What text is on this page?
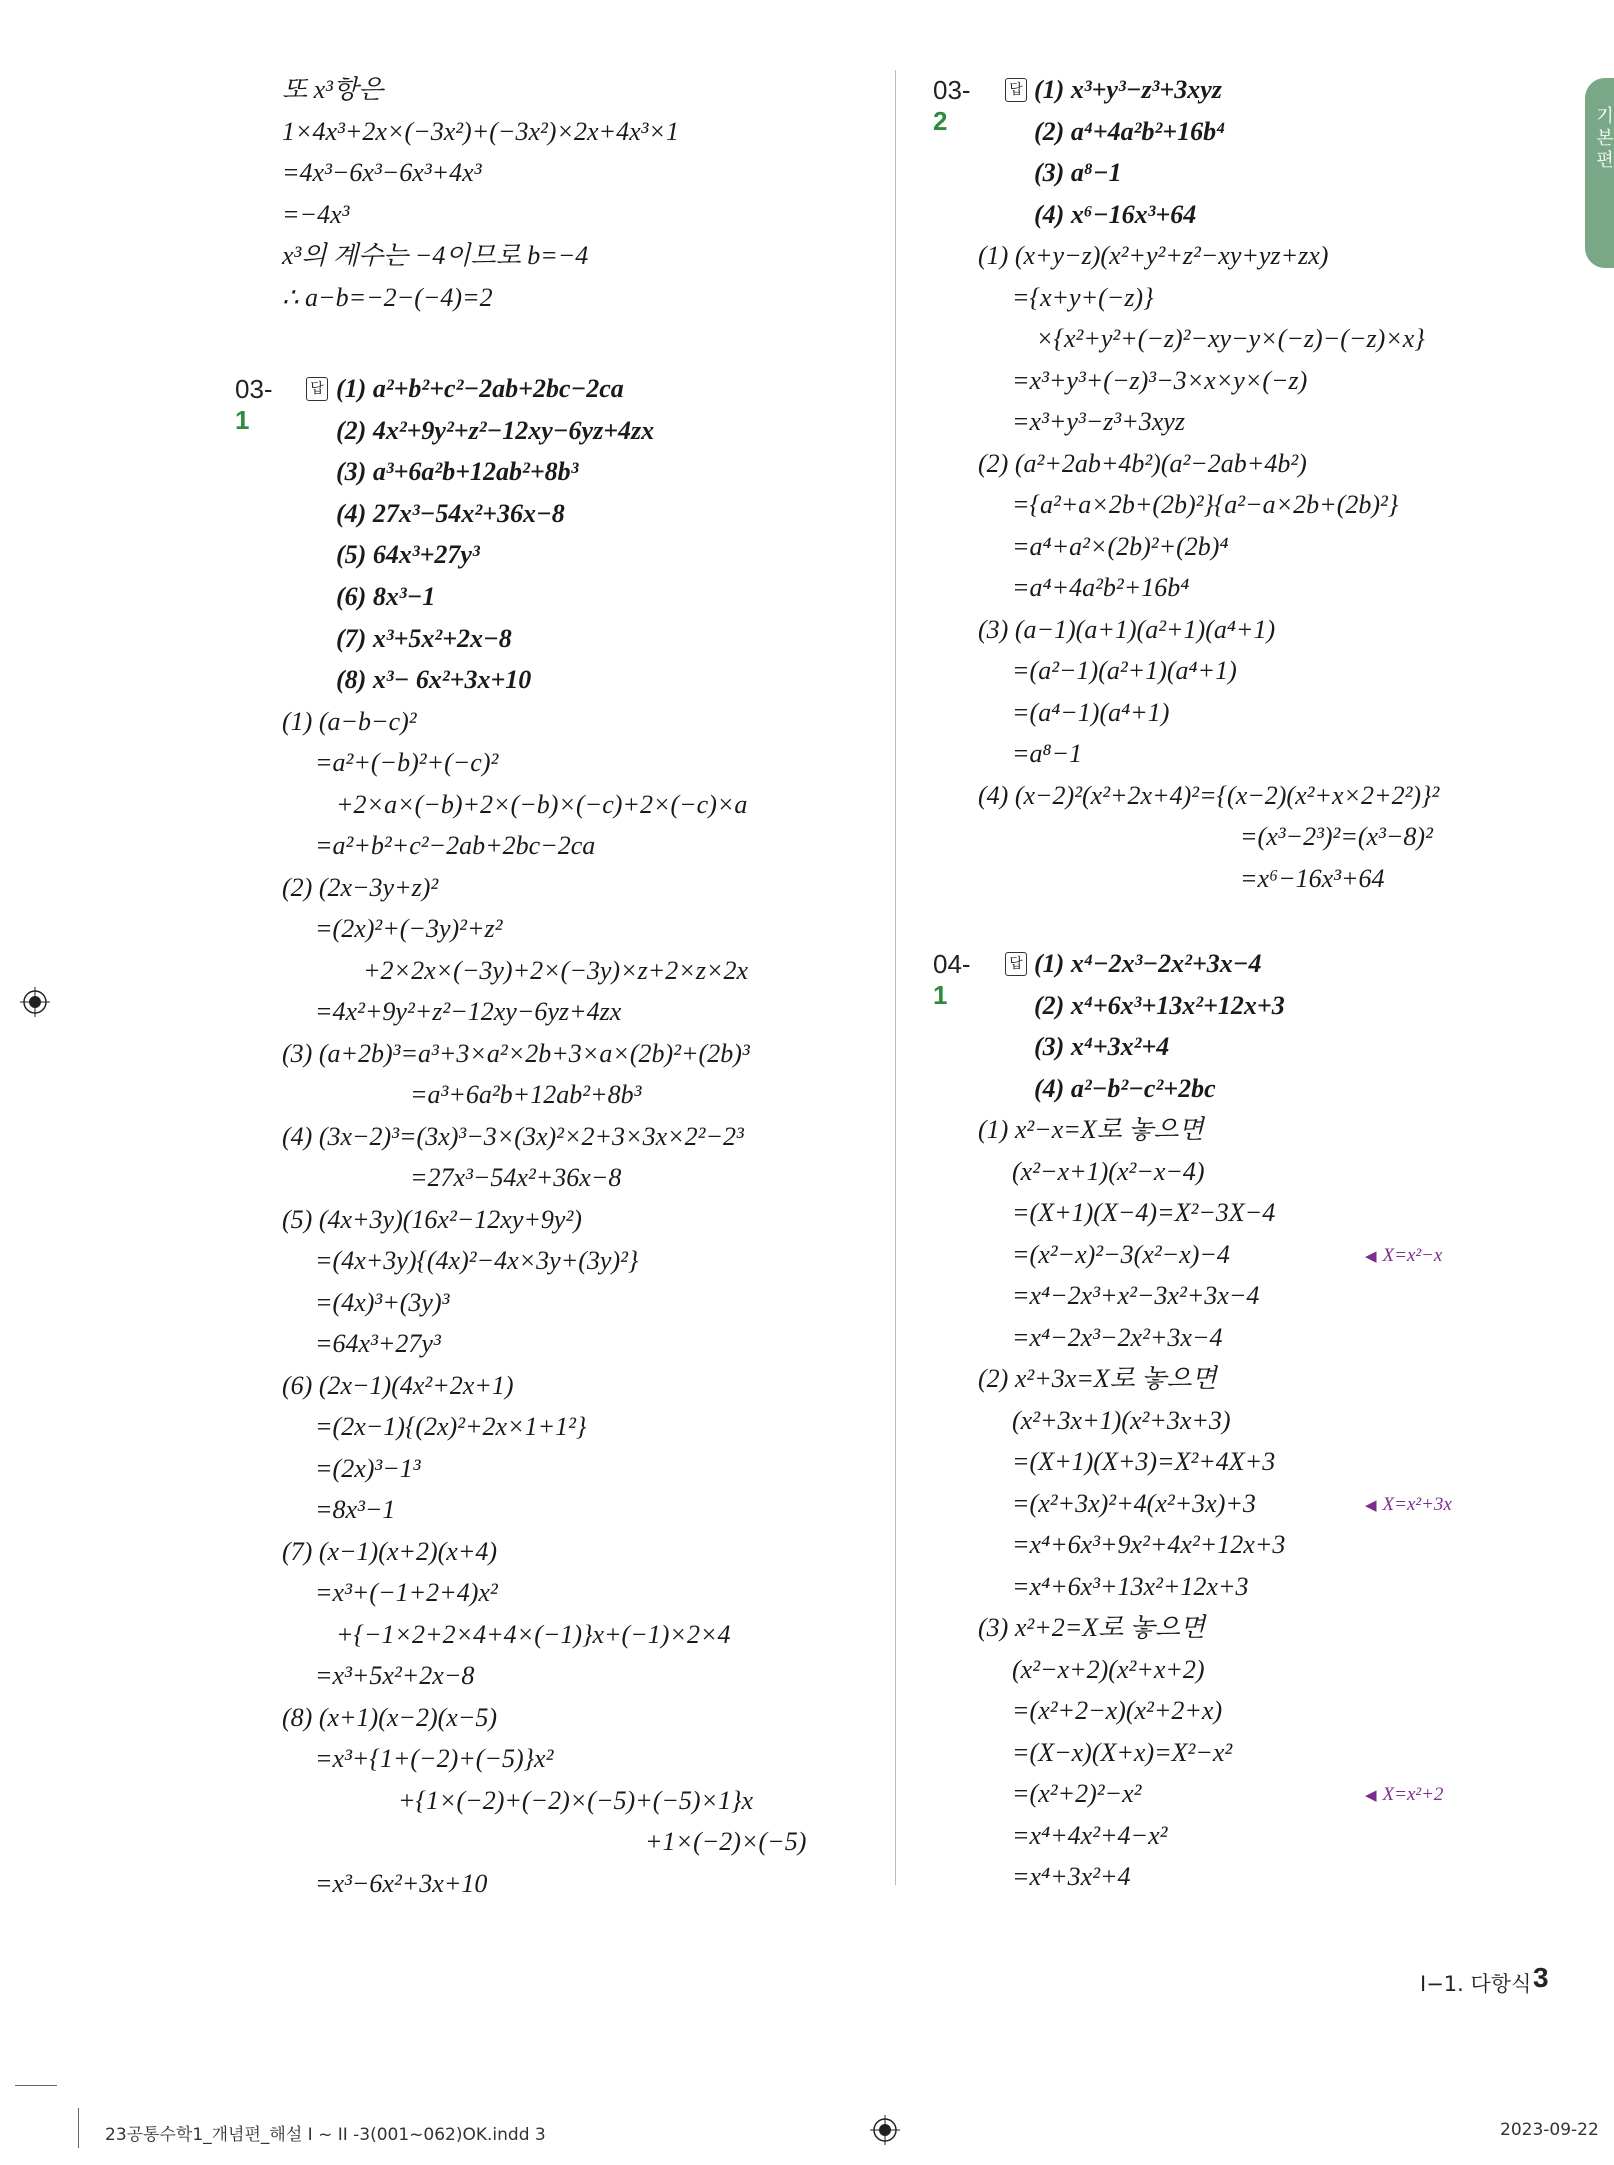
또 x³항은
1×4x³+2x×(−3x²)+(−3x²)×2x+4x³×1
=4x³−6x³−6x³+4x³
=−4x³
x³의 계수는 −4이므로 b=−4
∴ a−b=−2−(−4)=2
03-1
답 (1) a²+b²+c²−2ab+2bc−2ca
(2) 4x²+9y²+z²−12xy−6yz+4zx
(3) a³+6a²b+12ab²+8b³
(4) 27x³−54x²+36x−8
(5) 64x³+27y³
(6) 8x³−1
(7) x³+5x²+2x−8
(8) x³− 6x²+3x+10
(1) (a−b−c)²
=a²+(−b)²+(−c)²
+2×a×(−b)+2×(−b)×(−c)+2×(−c)×a
=a²+b²+c²−2ab+2bc−2ca
(2) (2x−3y+z)²
=(2x)²+(−3y)²+z²
+2×2x×(−3y)+2×(−3y)×z+2×z×2x
=4x²+9y²+z²−12xy−6yz+4zx
(3) (a+2b)³=a³+3×a²×2b+3×a×(2b)²+(2b)³
=a³+6a²b+12ab²+8b³
(4) (3x−2)³=(3x)³−3×(3x)²×2+3×3x×2²−2³
=27x³−54x²+36x−8
(5) (4x+3y)(16x²−12xy+9y²)
=(4x+3y){(4x)²−4x×3y+(3y)²}
=(4x)³+(3y)³
=64x³+27y³
(6) (2x−1)(4x²+2x+1)
=(2x−1){(2x)²+2x×1+1²}
=(2x)³−1³
=8x³−1
(7) (x−1)(x+2)(x+4)
=x³+(−1+2+4)x²
+{−1×2+2×4+4×(−1)}x+(−1)×2×4
=x³+5x²+2x−8
(8) (x+1)(x−2)(x−5)
=x³+{1+(−2)+(−5)}x²
+{1×(−2)+(−2)×(−5)+(−5)×1}x
+1×(−2)×(−5)
=x³−6x²+3x+10
03-2
답 (1) x³+y³−z³+3xyz
(2) a⁴+4a²b²+16b⁴
(3) a⁸−1
(4) x⁶−16x³+64
(1) (x+y−z)(x²+y²+z²−xy+yz+zx)
={x+y+(−z)}
×{x²+y²+(−z)²−xy−y×(−z)−(−z)×x}
=x³+y³+(−z)³−3×x×y×(−z)
=x³+y³−z³+3xyz
(2) (a²+2ab+4b²)(a²−2ab+4b²)
={a²+a×2b+(2b)²}{a²−a×2b+(2b)²}
=a⁴+a²×(2b)²+(2b)⁴
=a⁴+4a²b²+16b⁴
(3) (a−1)(a+1)(a²+1)(a⁴+1)
=(a²−1)(a²+1)(a⁴+1)
=(a⁴−1)(a⁴+1)
=a⁸−1
(4) (x−2)²(x²+2x+4)²={(x−2)(x²+x×2+2²)}²
=(x³−2³)²=(x³−8)²
=x⁶−16x³+64
04-1
답 (1) x⁴−2x³−2x²+3x−4
(2) x⁴+6x³+13x²+12x+3
(3) x⁴+3x²+4
(4) a²−b²−c²+2bc
(1) x²−x=X로 놓으면
(x²−x+1)(x²−x−4)
=(X+1)(X−4)=X²−3X−4
=(x²−x)²−3(x²−x)−4
=x⁴−2x³+x²−3x²+3x−4
=x⁴−2x³−2x²+3x−4
(2) x²+3x=X로 놓으면
(x²+3x+1)(x²+3x+3)
=(X+1)(X+3)=X²+4X+3
=(x²+3x)²+4(x²+3x)+3
=x⁴+6x³+9x²+4x²+12x+3
=x⁴+6x³+13x²+12x+3
(3) x²+2=X로 놓으면
(x²−x+2)(x²+x+2)
=(x²+2−x)(x²+2+x)
=(X−x)(X+x)=X²−x²
=(x²+2)²−x²
=x⁴+4x²+4−x²
=x⁴+3x²+4
◀ X=x²−x
◀ X=x²+3x
◀ X=x²+2
기본편
I−1. 다항식 3
23공통수학1_개념편_해설 I ~ II -3(001~062)OK.indd 3	2023-09-22
